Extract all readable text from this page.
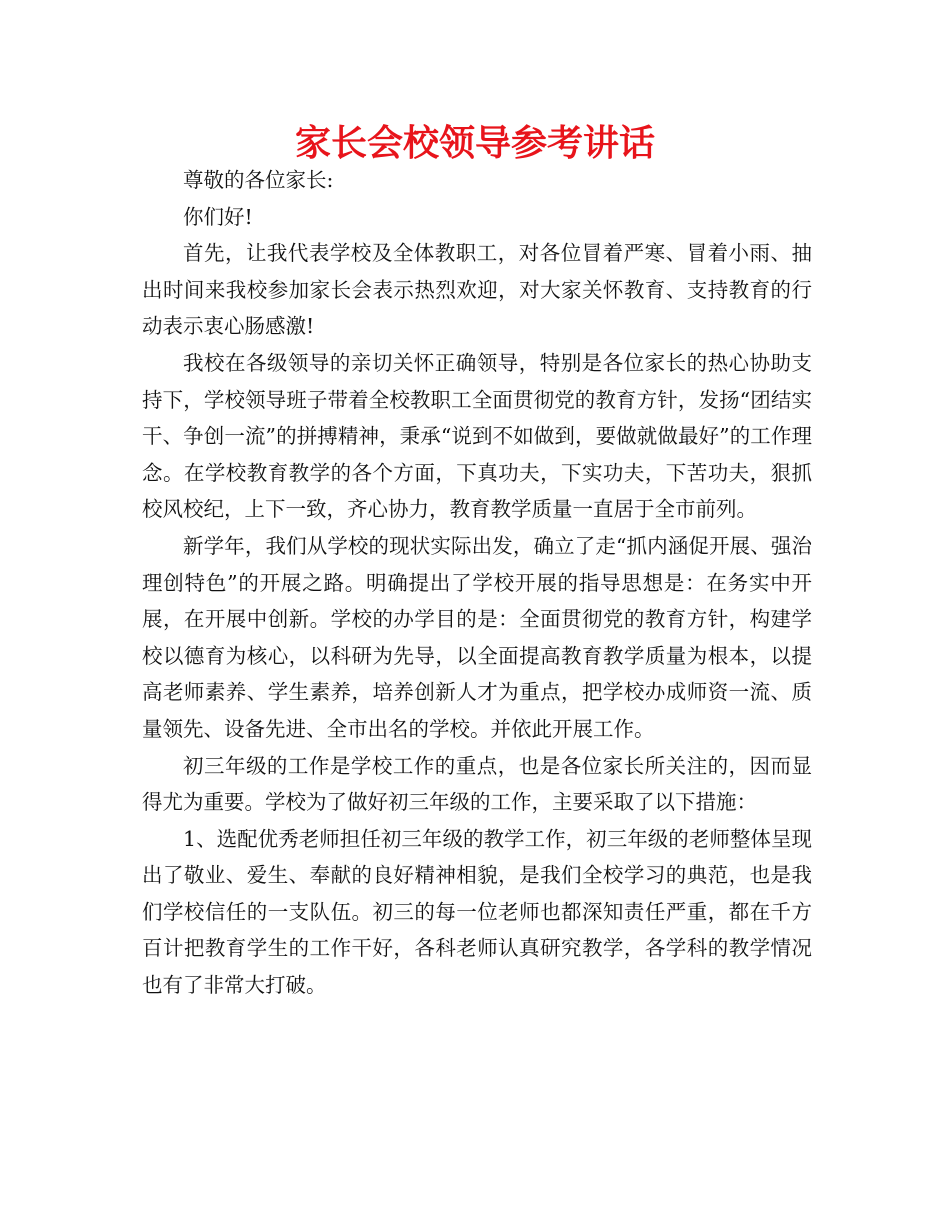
家长会校领导参考讲话

尊敬的各位家长:

你们好!

首先，让我代表学校及全体教职工，对各位冒着严寒、冒着小雨、抽出时间来我校参加家长会表示热烈欢迎，对大家关怀教育、支持教育的行动表示衷心肠感激!

我校在各级领导的亲切关怀正确领导，特别是各位家长的热心协助支持下，学校领导班子带着全校教职工全面贯彻党的教育方针，发扬“团结实干、争创一流”的拼搏精神，秉承“说到不如做到，要做就做最好”的工作理念。在学校教育教学的各个方面，下真功夫，下实功夫，下苦功夫，狠抓校风校纪，上下一致，齐心协力，教育教学质量一直居于全市前列。

新学年，我们从学校的现状实际出发，确立了走“抓内涵促开展、强治理创特色”的开展之路。明确提出了学校开展的指导思想是：在务实中开展，在开展中创新。学校的办学目的是：全面贯彻党的教育方针，构建学校以德育为核心，以科研为先导，以全面提高教育教学质量为根本，以提高老师素养、学生素养，培养创新人才为重点，把学校办成师资一流、质量领先、设备先进、全市出名的学校。并依此开展工作。

初三年级的工作是学校工作的重点，也是各位家长所关注的，因而显得尤为重要。学校为了做好初三年级的工作，主要采取了以下措施：

1、选配优秀老师担任初三年级的教学工作，初三年级的老师整体呈现出了敬业、爱生、奉献的良好精神相貌，是我们全校学习的典范，也是我们学校信任的一支队伍。初三的每一位老师也都深知责任严重，都在千方百计把教育学生的工作干好，各科老师认真研究教学，各学科的教学情况也有了非常大打破。
